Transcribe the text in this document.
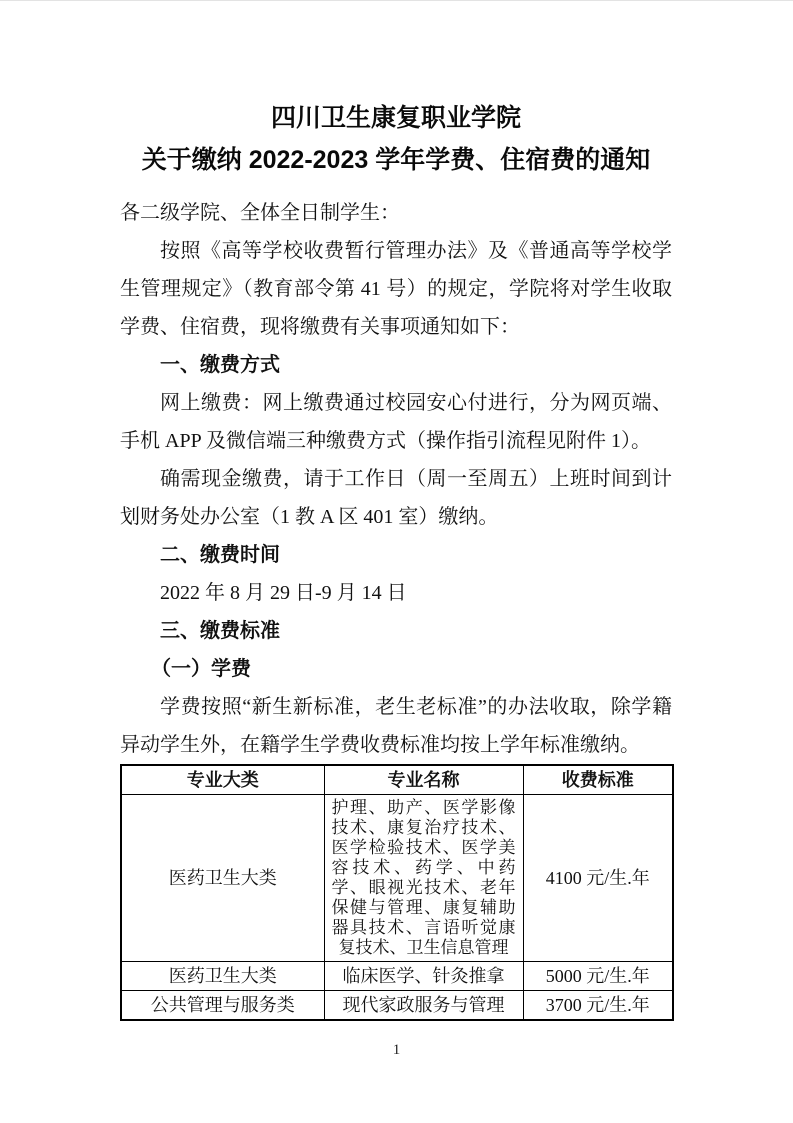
四川卫生康复职业学院
关于缴纳 2022-2023 学年学费、住宿费的通知

各二级学院、全体全日制学生：

按照《高等学校收费暂行管理办法》及《普通高等学校学生管理规定》（教育部令第 41 号）的规定，学院将对学生收取学费、住宿费，现将缴费有关事项通知如下：

一、缴费方式

网上缴费：网上缴费通过校园安心付进行，分为网页端、手机 APP 及微信端三种缴费方式（操作指引流程见附件 1）。

确需现金缴费，请于工作日（周一至周五）上班时间到计划财务处办公室（1 教 A 区 401 室）缴纳。

二、缴费时间

2022 年 8 月 29 日-9 月 14 日

三、缴费标准

（一）学费

学费按照“新生新标准，老生老标准”的办法收取，除学籍异动学生外，在籍学生学费收费标准均按上学年标准缴纳。

专业大类	专业名称	收费标准
医药卫生大类	护理、助产、医学影像技术、康复治疗技术、医学检验技术、医学美容技术、药学、中药学、眼视光技术、老年保健与管理、康复辅助器具技术、言语听觉康复技术、卫生信息管理	4100 元/生.年
医药卫生大类	临床医学、针灸推拿	5000 元/生.年
公共管理与服务类	现代家政服务与管理	3700 元/生.年
1
